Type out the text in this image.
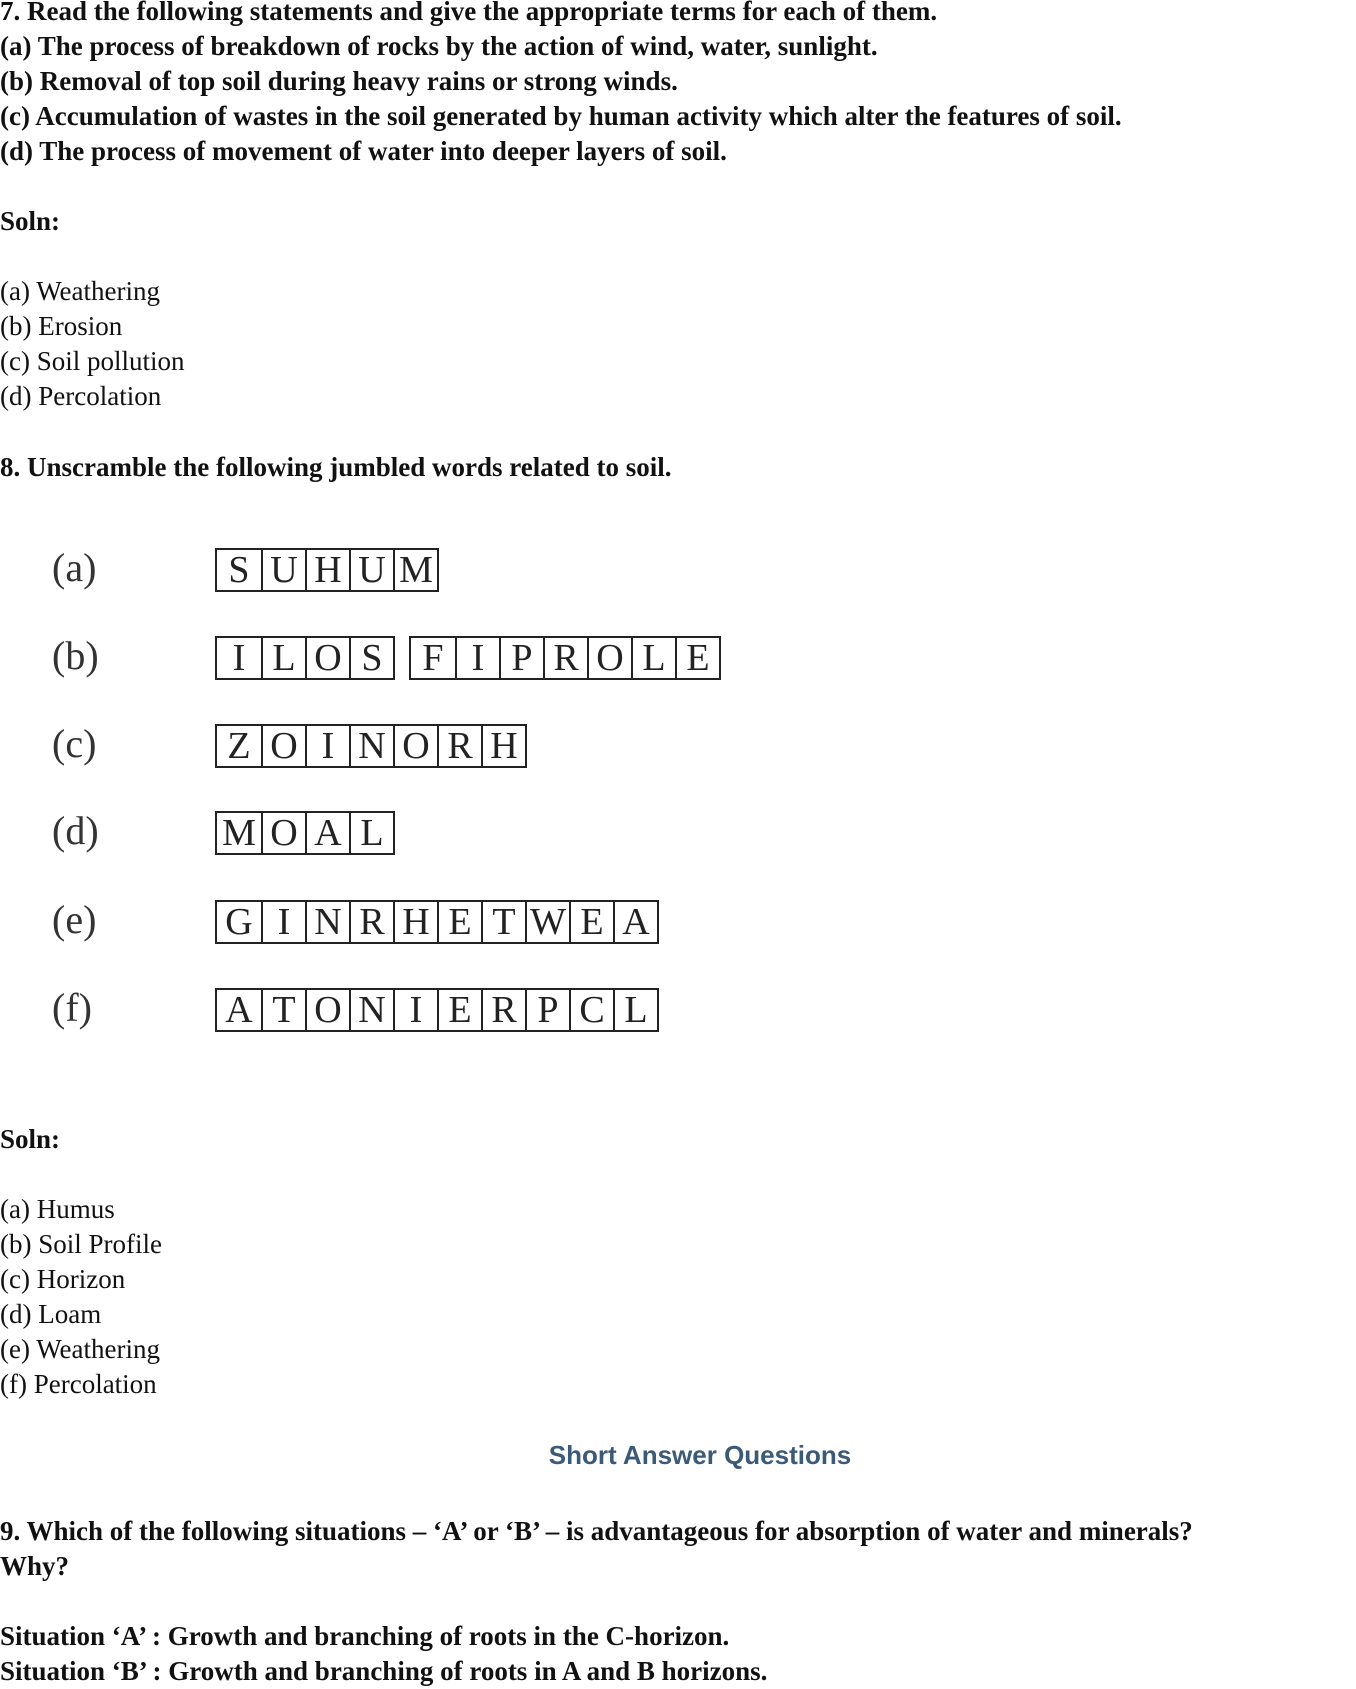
7. Read the following statements and give the appropriate terms for each of them.
(a) The process of breakdown of rocks by the action of wind, water, sunlight.
(b) Removal of top soil during heavy rains or strong winds.
(c) Accumulation of wastes in the soil generated by human activity which alter the features of soil.
(d) The process of movement of water into deeper layers of soil.
Soln:
(a) Weathering
(b) Erosion
(c) Soil pollution
(d) Percolation
8. Unscramble the following jumbled words related to soil.
(a)	S U H U M
(b)	I L O S	F I P R O L E
(c)	Z O I N O R H
(d)	M O A L
(e)	G I N R H E T W E A
(f)	A T O N I E R P C L
Soln:
(a) Humus
(b) Soil Profile
(c) Horizon
(d) Loam
(e) Weathering
(f) Percolation
Short Answer Questions
9. Which of the following situations – ‘A’ or ‘B’ – is advantageous for absorption of water and minerals?
Why?
Situation ‘A’ : Growth and branching of roots in the C-horizon.
Situation ‘B’ : Growth and branching of roots in A and B horizons.
